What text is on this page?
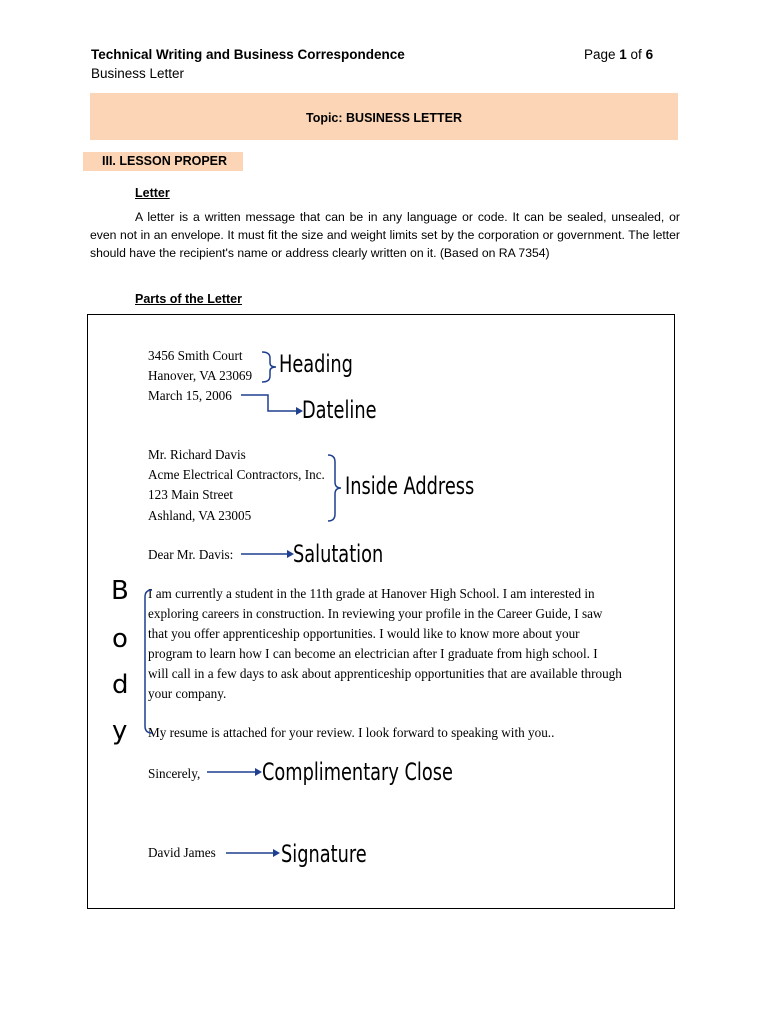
Technical Writing and Business Correspondence
Business Letter
Page 1 of 6
Topic: BUSINESS LETTER
III. LESSON PROPER
Letter
A letter is a written message that can be in any language or code. It can be sealed, unsealed, or even not in an envelope. It must fit the size and weight limits set by the corporation or government. The letter should have the recipient's name or address clearly written on it. (Based on RA 7354)
Parts of the Letter
3456 Smith Court
Hanover, VA 23069
March 15, 2006
Mr. Richard Davis
Acme Electrical Contractors, Inc.
123 Main Street
Ashland, VA 23005
Dear Mr. Davis:
I am currently a student in the 11th grade at Hanover High School. I am interested in
exploring careers in construction. In reviewing your profile in the Career Guide, I saw
that you offer apprenticeship opportunities. I would like to know more about your
program to learn how I can become an electrician after I graduate from high school. I
will call in a few days to ask about apprenticeship opportunities that are available through
your company.
My resume is attached for your review. I look forward to speaking with you..
Sincerely,
David James
Heading
Dateline
Inside Address
Salutation
Complimentary Close
Signature
B
o
d
y
